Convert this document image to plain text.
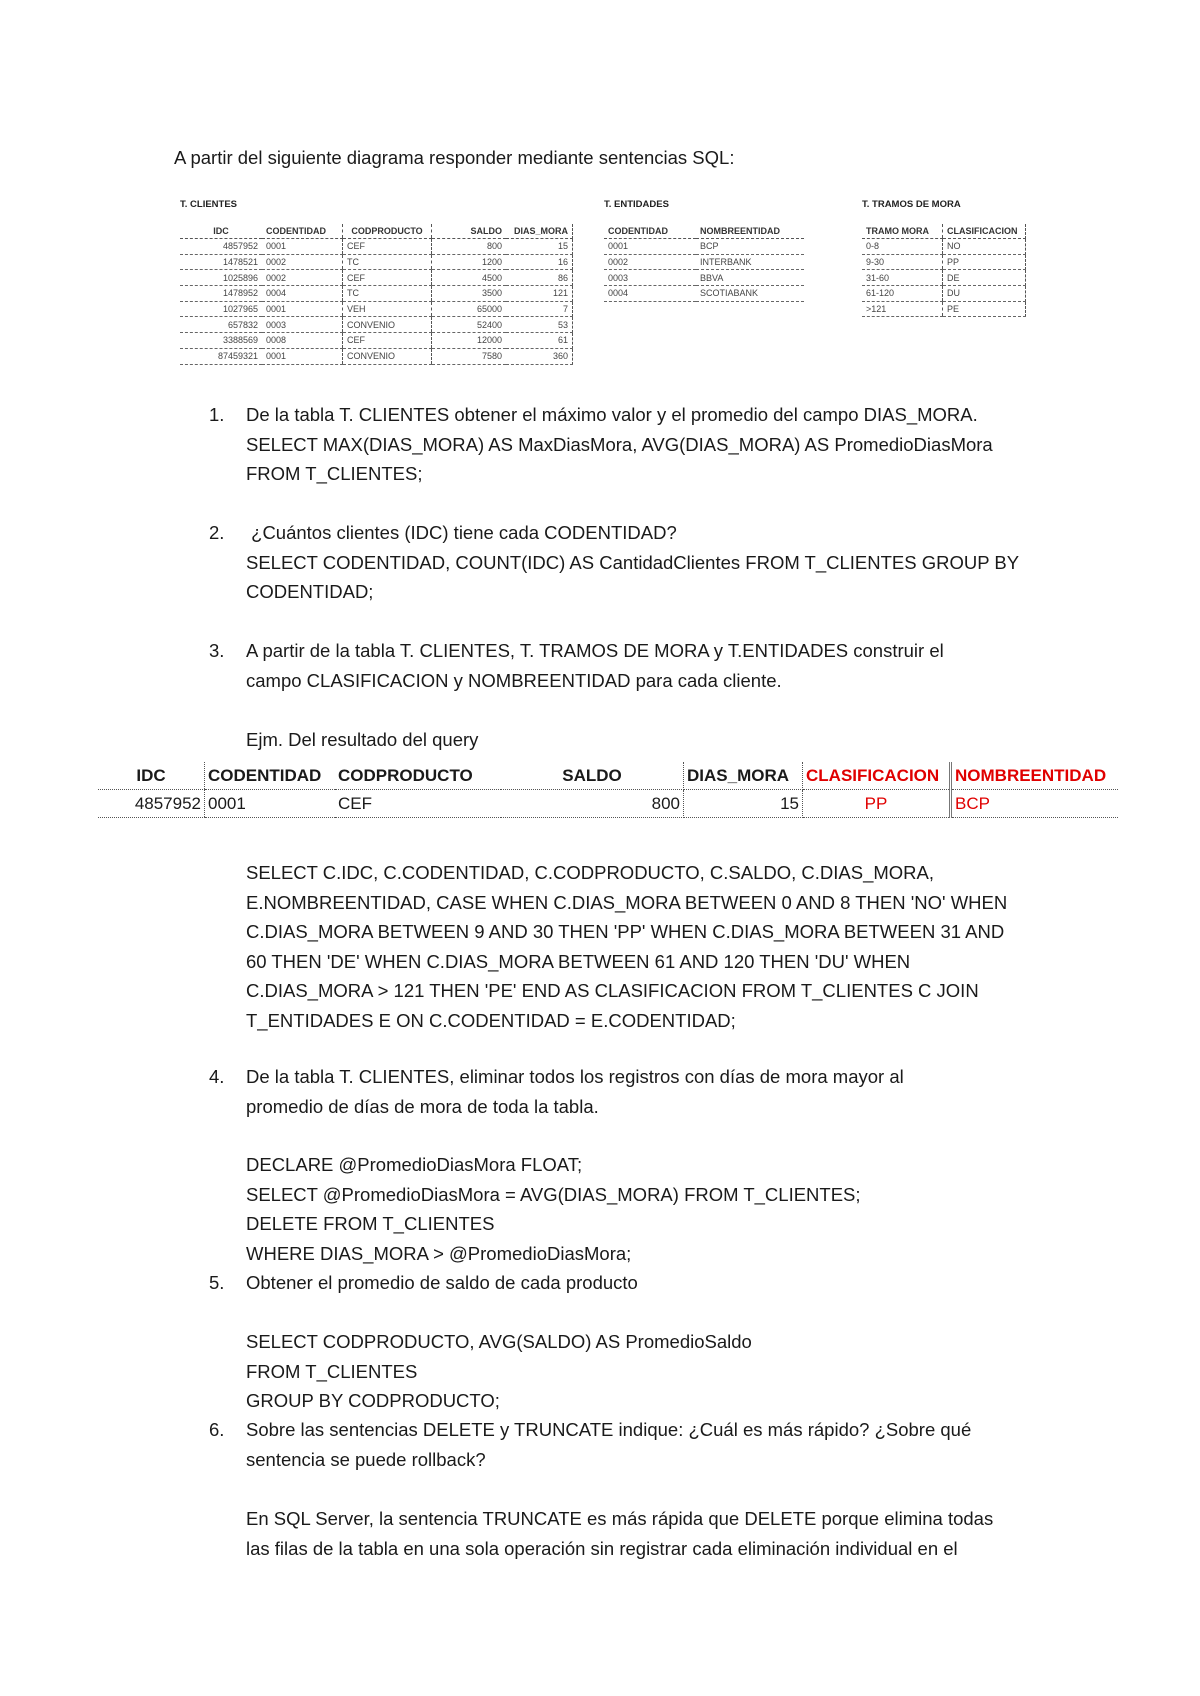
A partir del siguiente diagrama responder mediante sentencias SQL:
T. CLIENTES
IDC	CODENTIDAD	CODPRODUCTO	SALDO	DIAS_MORA
4857952	0001	CEF	800	15
1478521	0002	TC	1200	16
1025896	0002	CEF	4500	86
1478952	0004	TC	3500	121
1027965	0001	VEH	65000	7
657832	0003	CONVENIO	52400	53
3388569	0008	CEF	12000	61
87459321	0001	CONVENIO	7580	360
T. ENTIDADES
CODENTIDAD	NOMBREENTIDAD
0001	BCP
0002	INTERBANK
0003	BBVA
0004	SCOTIABANK
T. TRAMOS DE MORA
TRAMO MORA	CLASIFICACION
0-8	NO
9-30	PP
31-60	DE
61-120	DU
>121	PE
1.	De la tabla T. CLIENTES obtener el máximo valor y el promedio del campo DIAS_MORA.
SELECT MAX(DIAS_MORA) AS MaxDiasMora, AVG(DIAS_MORA) AS PromedioDiasMora
FROM T_CLIENTES;
2.	¿Cuántos clientes (IDC) tiene cada CODENTIDAD?
SELECT CODENTIDAD, COUNT(IDC) AS CantidadClientes FROM T_CLIENTES GROUP BY
CODENTIDAD;
3.	A partir de la tabla T. CLIENTES, T. TRAMOS DE MORA y T.ENTIDADES construir el
campo CLASIFICACION y NOMBREENTIDAD para cada cliente.
Ejm. Del resultado del query
IDC	CODENTIDAD	CODPRODUCTO	SALDO	DIAS_MORA	CLASIFICACION	NOMBREENTIDAD
4857952	0001	CEF	800	15	PP	BCP
SELECT C.IDC, C.CODENTIDAD, C.CODPRODUCTO, C.SALDO, C.DIAS_MORA,
E.NOMBREENTIDAD, CASE WHEN C.DIAS_MORA BETWEEN 0 AND 8 THEN 'NO' WHEN
C.DIAS_MORA BETWEEN 9 AND 30 THEN 'PP' WHEN C.DIAS_MORA BETWEEN 31 AND
60 THEN 'DE' WHEN C.DIAS_MORA BETWEEN 61 AND 120 THEN 'DU' WHEN
C.DIAS_MORA > 121 THEN 'PE' END AS CLASIFICACION FROM T_CLIENTES C JOIN
T_ENTIDADES E ON C.CODENTIDAD = E.CODENTIDAD;
4.	De la tabla T. CLIENTES, eliminar todos los registros con días de mora mayor al
promedio de días de mora de toda la tabla.
DECLARE @PromedioDiasMora FLOAT;
SELECT @PromedioDiasMora = AVG(DIAS_MORA) FROM T_CLIENTES;
DELETE FROM T_CLIENTES
WHERE DIAS_MORA > @PromedioDiasMora;
5.	Obtener el promedio de saldo de cada producto
SELECT CODPRODUCTO, AVG(SALDO) AS PromedioSaldo
FROM T_CLIENTES
GROUP BY CODPRODUCTO;
6.	Sobre las sentencias DELETE y TRUNCATE indique: ¿Cuál es más rápido? ¿Sobre qué
sentencia se puede rollback?
En SQL Server, la sentencia TRUNCATE es más rápida que DELETE porque elimina todas
las filas de la tabla en una sola operación sin registrar cada eliminación individual en el
